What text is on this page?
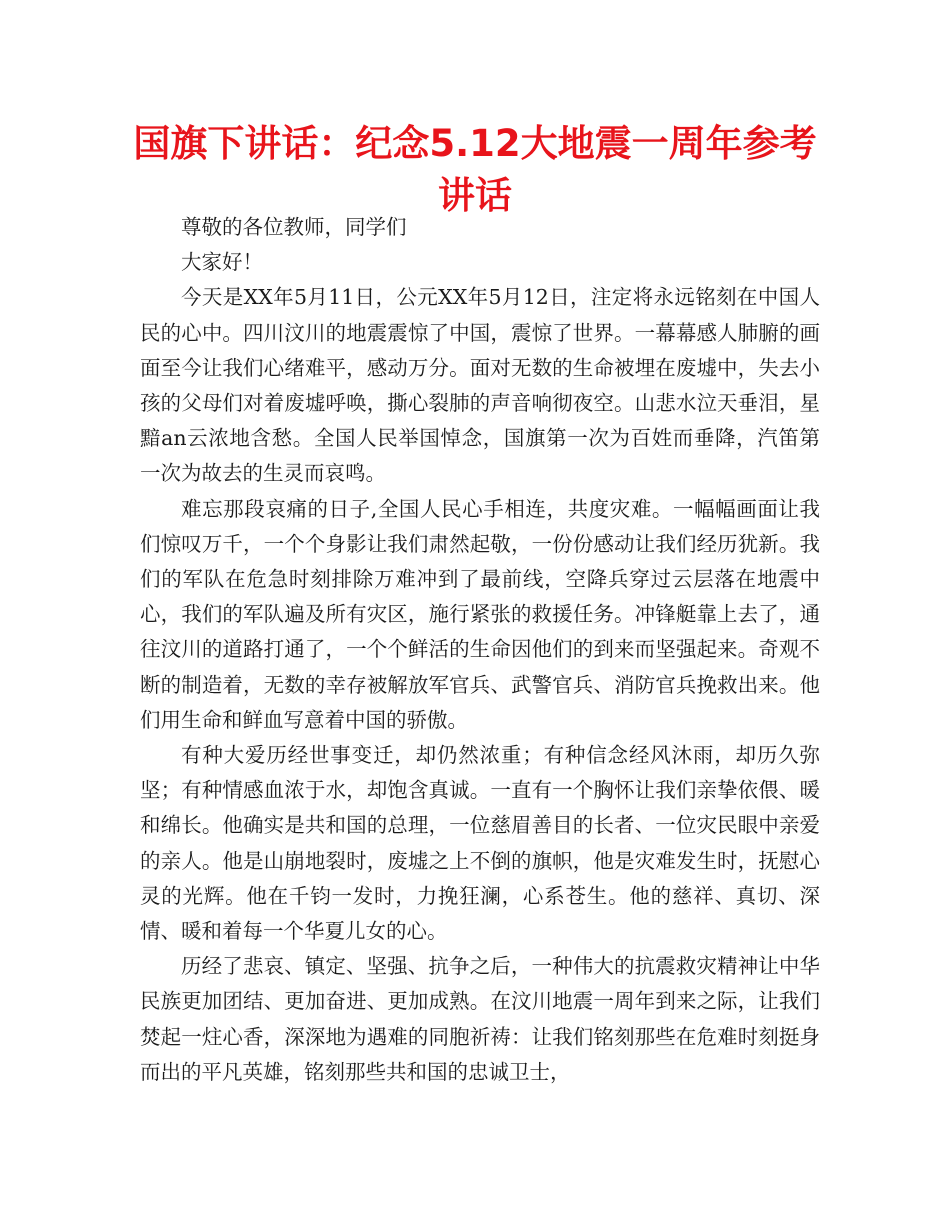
国旗下讲话：纪念5.12大地震一周年参考讲话

尊敬的各位教师，同学们

大家好！

今天是XX年5月11日，公元XX年5月12日，注定将永远铭刻在中国人民的心中。四川汶川的地震震惊了中国，震惊了世界。一幕幕感人肺腑的画面至今让我们心绪难平，感动万分。面对无数的生命被埋在废墟中，失去小孩的父母们对着废墟呼唤，撕心裂肺的声音响彻夜空。山悲水泣天垂泪，星黯an云浓地含愁。全国人民举国悼念，国旗第一次为百姓而垂降，汽笛第一次为故去的生灵而哀鸣。

难忘那段哀痛的日子,全国人民心手相连，共度灾难。一幅幅画面让我们惊叹万千，一个个身影让我们肃然起敬，一份份感动让我们经历犹新。我们的军队在危急时刻排除万难冲到了最前线，空降兵穿过云层落在地震中心，我们的军队遍及所有灾区，施行紧张的救援任务。冲锋艇靠上去了，通往汶川的道路打通了，一个个鲜活的生命因他们的到来而坚强起来。奇观不断的制造着，无数的幸存被解放军官兵、武警官兵、消防官兵挽救出来。他们用生命和鲜血写意着中国的骄傲。

有种大爱历经世事变迁，却仍然浓重；有种信念经风沐雨，却历久弥坚；有种情感血浓于水，却饱含真诚。一直有一个胸怀让我们亲挚依偎、暖和绵长。他确实是共和国的总理，一位慈眉善目的长者、一位灾民眼中亲爱的亲人。他是山崩地裂时，废墟之上不倒的旗帜，他是灾难发生时，抚慰心灵的光辉。他在千钧一发时，力挽狂澜，心系苍生。他的慈祥、真切、深情、暖和着每一个华夏儿女的心。

历经了悲哀、镇定、坚强、抗争之后，一种伟大的抗震救灾精神让中华民族更加团结、更加奋进、更加成熟。在汶川地震一周年到来之际，让我们焚起一炷心香，深深地为遇难的同胞祈祷：让我们铭刻那些在危难时刻挺身而出的平凡英雄，铭刻那些共和国的忠诚卫士，
